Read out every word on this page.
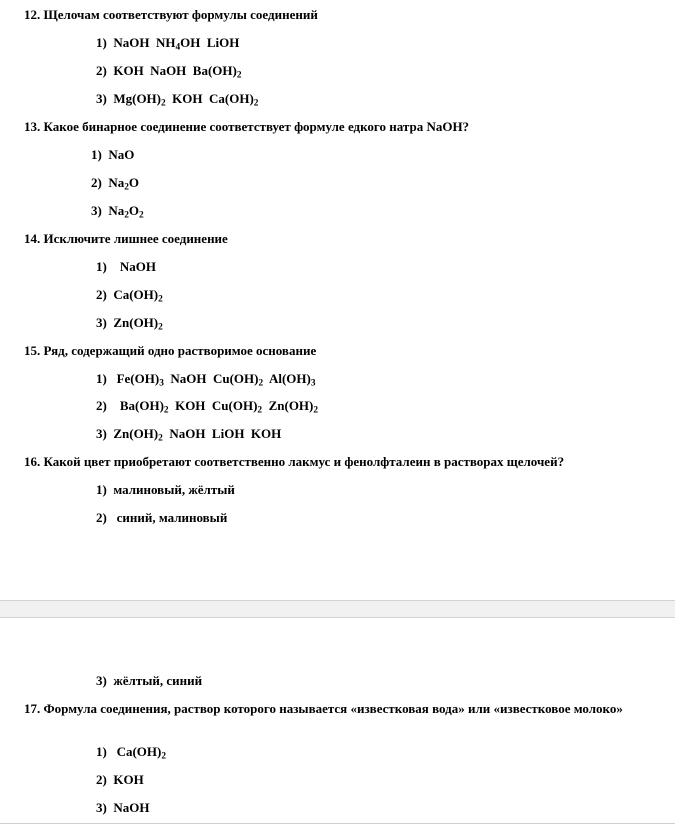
12. Щелочам соответствуют формулы соединений
1)  NaOH  $NH_4OH$  LiOH
2)  KOH  NaOH  $Ba(OH)_2$
3)  $Mg(OH)_2$  KOH  $Ca(OH)_2$
13. Какое бинарное соединение соответствует формуле едкого натра NaOH?
1)  NaO
2)  $Na_2O$
3)  $Na_2O_2$
14. Исключите лишнее соединение
1)    NaOH
2)  $Ca(OH)_2$
3)  $Zn(OH)_2$
15. Ряд, содержащий одно растворимое основание
1)   $Fe(OH)_3$  NaOH  $Cu(OH)_2$  $Al(OH)_3$
2)    $Ba(OH)_2$  KOH  $Cu(OH)_2$  $Zn(OH)_2$
3)  $Zn(OH)_2$  NaOH  LiOH  KOH
16. Какой цвет приобретают соответственно лакмус и фенолфталеин в растворах щелочей?
1)  малиновый, жёлтый
2)   синий, малиновый
3)  жёлтый, синий
17. Формула соединения, раствор которого называется «известковая вода» или «известковое молоко»
1)   $Ca(OH)_2$
2)  KOH
3)  NaOH
